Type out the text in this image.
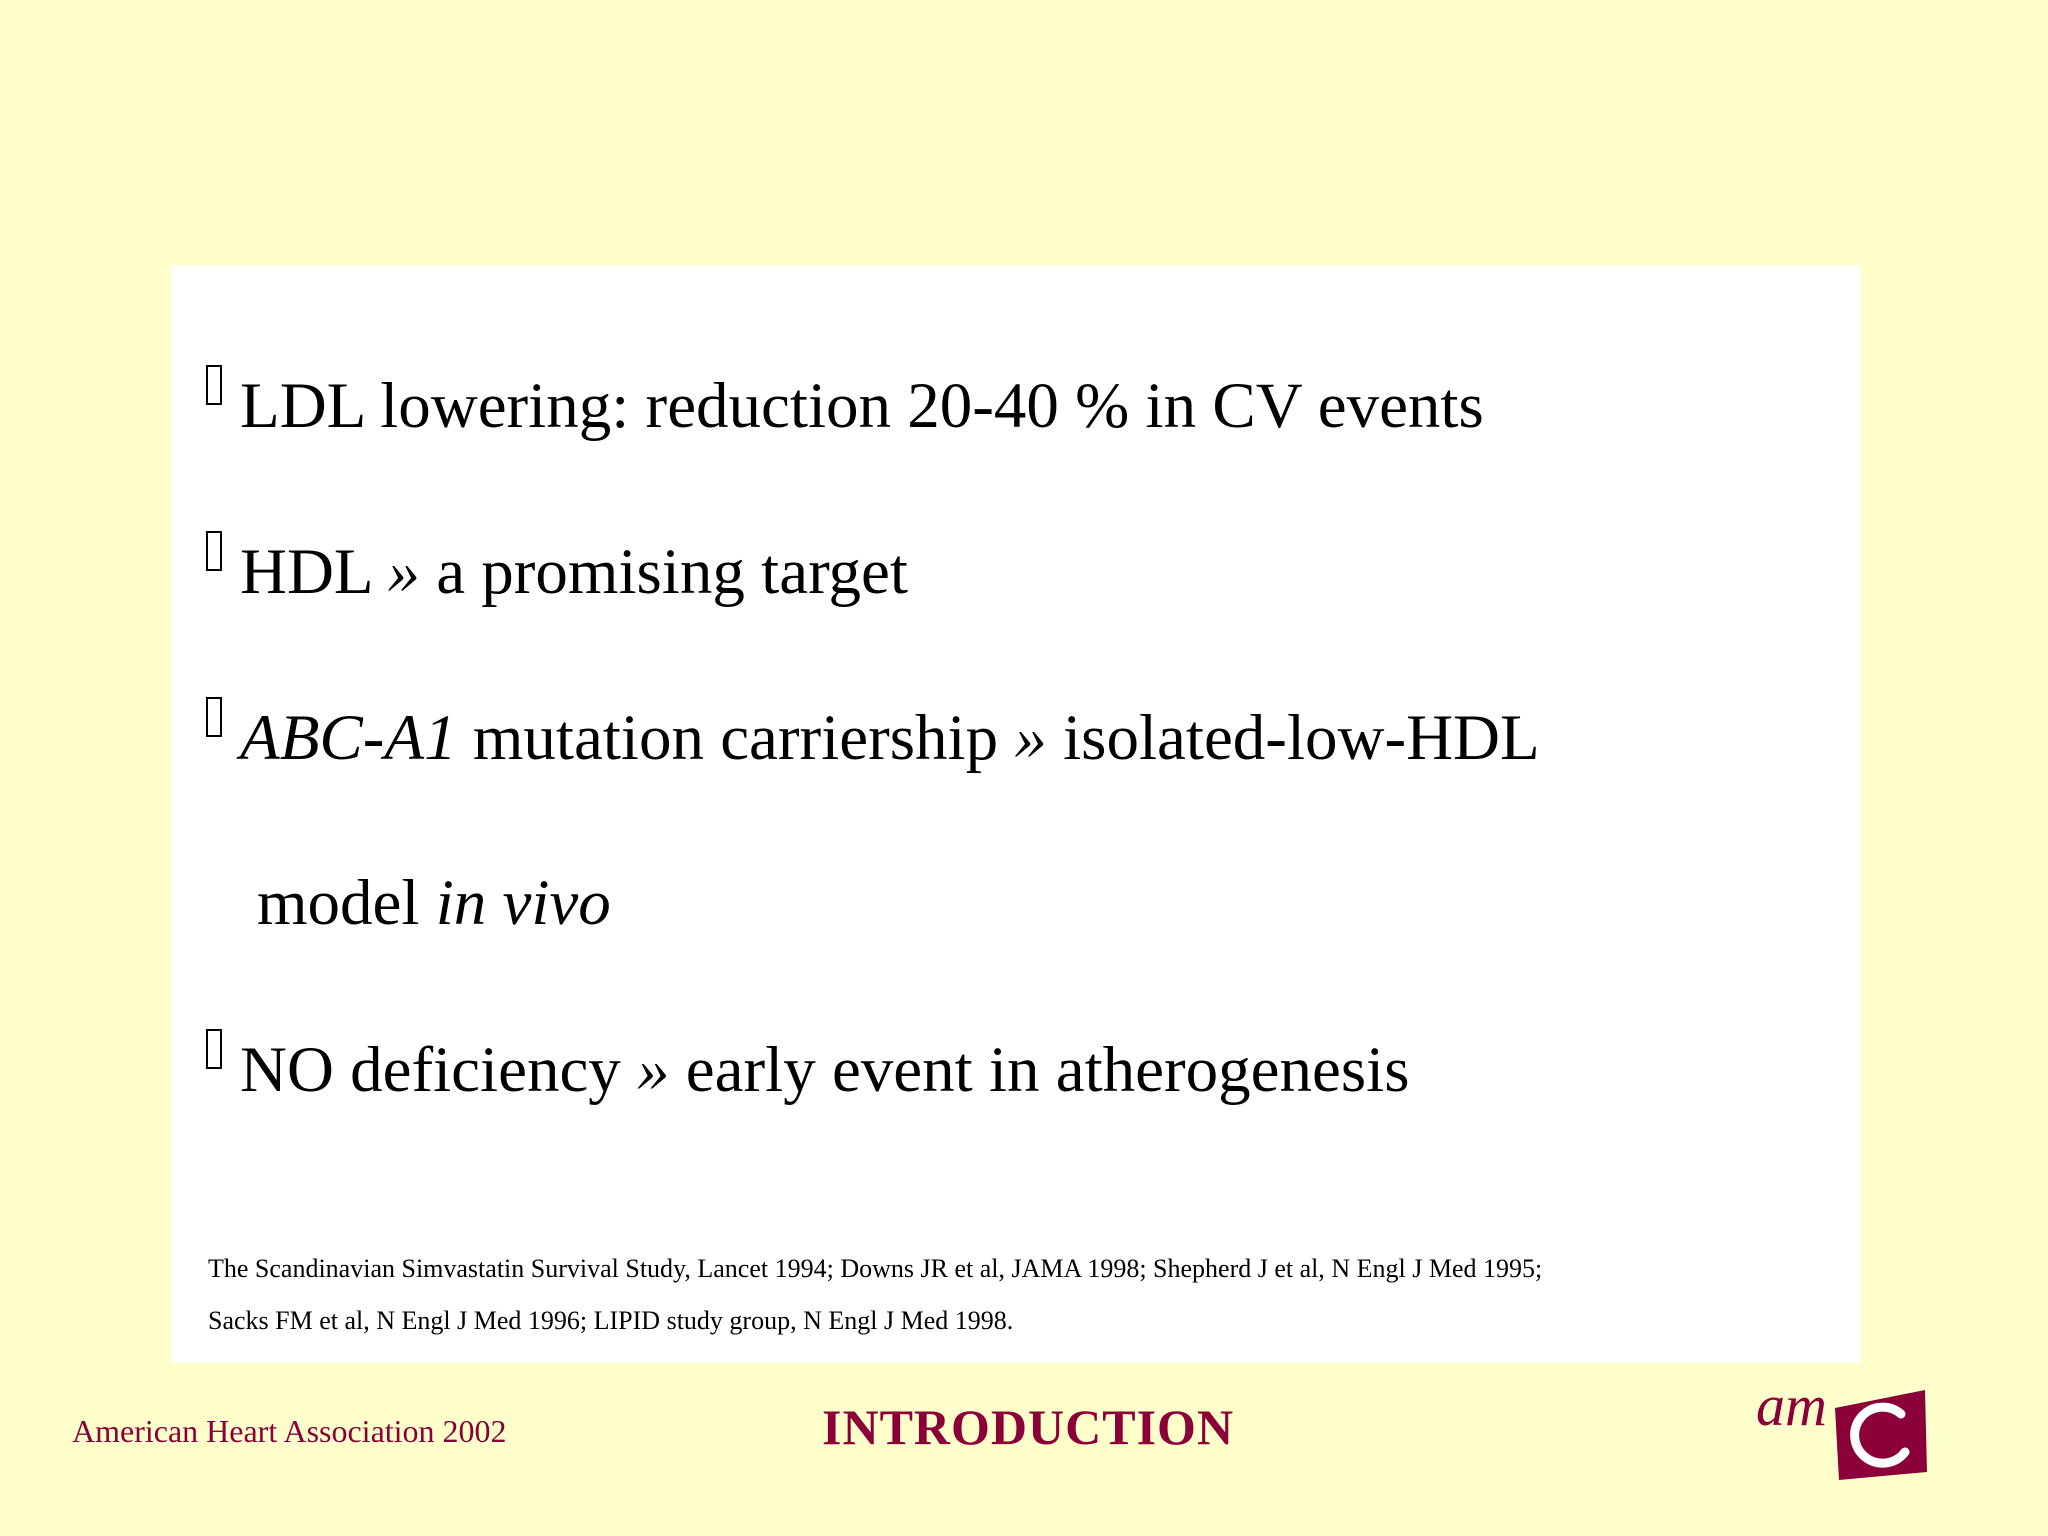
LDL lowering: reduction 20-40 % in CV events
HDL » a promising target
ABC-A1 mutation carriership » isolated-low-HDL
model in vivo
NO deficiency » early event in atherogenesis
The Scandinavian Simvastatin Survival Study, Lancet 1994; Downs JR et al, JAMA 1998; Shepherd J et al, N Engl J Med 1995;
Sacks FM et al, N Engl J Med 1996; LIPID study group, N Engl J Med 1998.
American Heart Association 2002	INTRODUCTION	am
